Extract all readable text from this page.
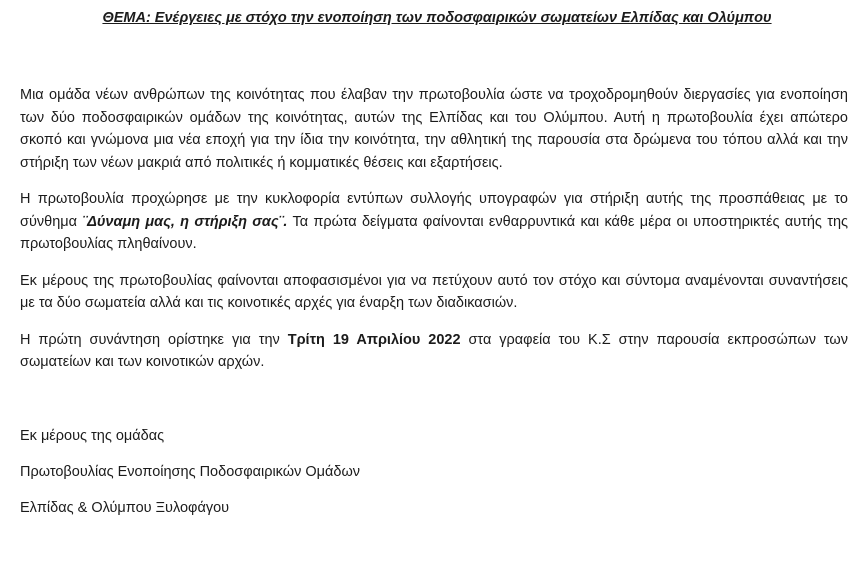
ΘΕΜΑ: Ενέργειες με στόχο την ενοποίηση των ποδοσφαιρικών σωματείων Ελπίδας και Ολύμπου

Μια ομάδα νέων ανθρώπων της κοινότητας που έλαβαν την πρωτοβουλία ώστε να τροχοδρομηθούν διεργασίες για ενοποίηση των δύο ποδοσφαιρικών ομάδων της κοινότητας, αυτών της Ελπίδας και του Ολύμπου. Αυτή η πρωτοβουλία έχει απώτερο σκοπό και γνώμονα μια νέα εποχή για την ίδια την κοινότητα, την αθλητική της παρουσία στα δρώμενα του τόπου αλλά και την στήριξη των νέων μακριά από πολιτικές ή κομματικές θέσεις και εξαρτήσεις.

Η πρωτοβουλία προχώρησε με την κυκλοφορία εντύπων συλλογής υπογραφών για στήριξη αυτής της προσπάθειας με το σύνθημα ¨Δύναμη μας, η στήριξη σας¨. Τα πρώτα δείγματα φαίνονται ενθαρρυντικά και κάθε μέρα οι υποστηρικτές αυτής της πρωτοβουλίας πληθαίνουν.

Εκ μέρους της πρωτοβουλίας φαίνονται αποφασισμένοι για να πετύχουν αυτό τον στόχο και σύντομα αναμένονται συναντήσεις με τα δύο σωματεία αλλά και τις κοινοτικές αρχές για έναρξη των διαδικασιών.

Η πρώτη συνάντηση ορίστηκε για την Τρίτη 19 Απριλίου 2022 στα γραφεία του Κ.Σ στην παρουσία εκπροσώπων των σωματείων και των κοινοτικών αρχών.

Εκ μέρους της ομάδας

Πρωτοβουλίας Ενοποίησης Ποδοσφαιρικών Ομάδων

Ελπίδας & Ολύμπου Ξυλοφάγου
